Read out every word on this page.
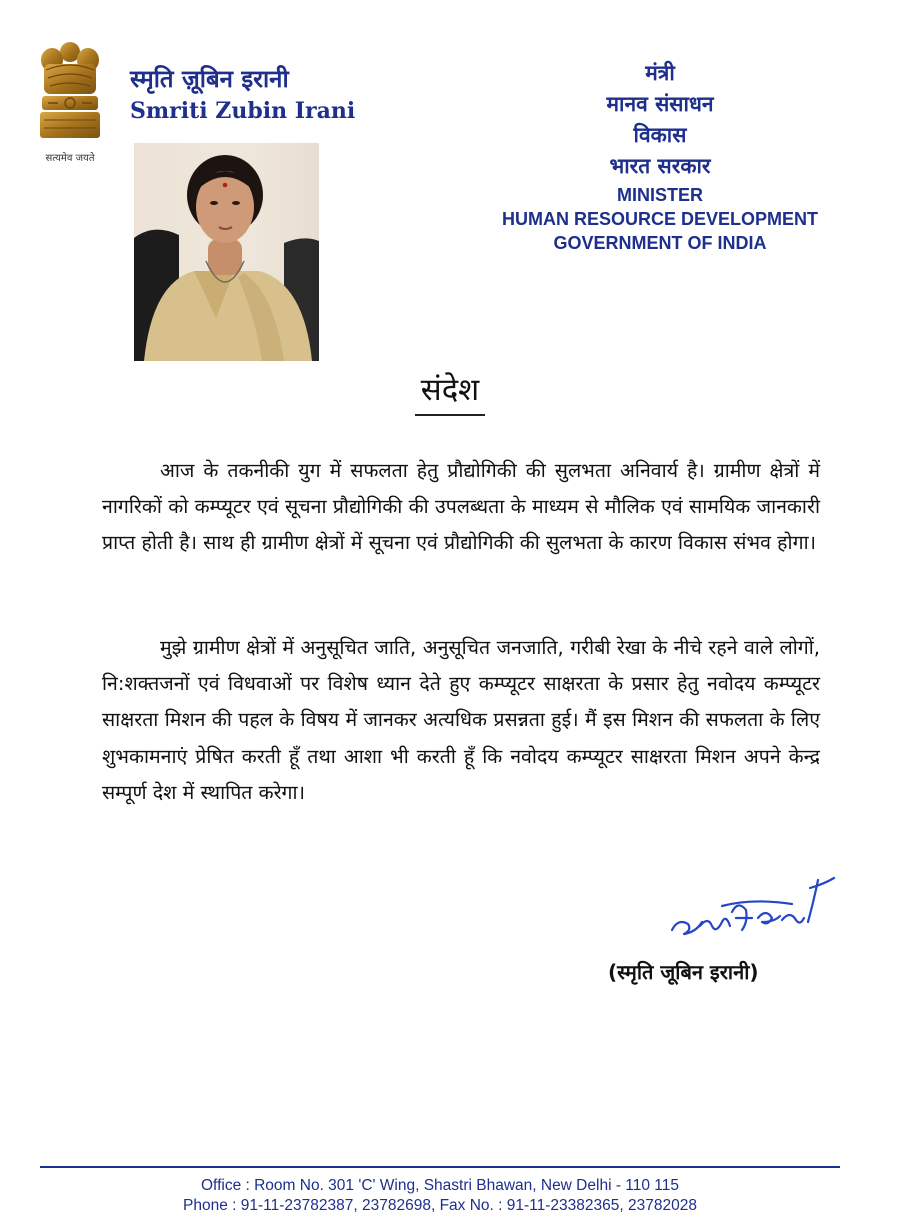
सत्यमेव जयते
स्मृति ज़ूबिन इरानी
Smriti Zubin Irani
मंत्री
मानव संसाधन
विकास
भारत सरकार
MINISTER
HUMAN RESOURCE DEVELOPMENT
GOVERNMENT OF INDIA
संदेश

आज के तकनीकी युग में सफलता हेतु प्रौद्योगिकी की सुलभता अनिवार्य है। ग्रामीण क्षेत्रों में नागरिकों को कम्प्यूटर एवं सूचना प्रौद्योगिकी की उपलब्धता के माध्यम से मौलिक एवं सामयिक जानकारी प्राप्त होती है। साथ ही ग्रामीण क्षेत्रों में सूचना एवं प्रौद्योगिकी की सुलभता के कारण विकास संभव होगा।

मुझे ग्रामीण क्षेत्रों में अनुसूचित जाति, अनुसूचित जनजाति, गरीबी रेखा के नीचे रहने वाले लोगों, नि:शक्तजनों एवं विधवाओं पर विशेष ध्यान देते हुए कम्प्यूटर साक्षरता के प्रसार हेतु नवोदय कम्प्यूटर साक्षरता मिशन की पहल के विषय में जानकर अत्यधिक प्रसन्नता हुई। मैं इस मिशन की सफलता के लिए शुभकामनाएं प्रेषित करती हूँ तथा आशा भी करती हूँ कि नवोदय कम्प्यूटर साक्षरता मिशन अपने केन्द्र सम्पूर्ण देश में स्थापित करेगा।

(स्मृति जूबिन इरानी)
Office : Room No. 301 'C' Wing, Shastri Bhawan, New Delhi - 110 115
Phone : 91-11-23782387, 23782698, Fax No. : 91-11-23382365, 23782028
